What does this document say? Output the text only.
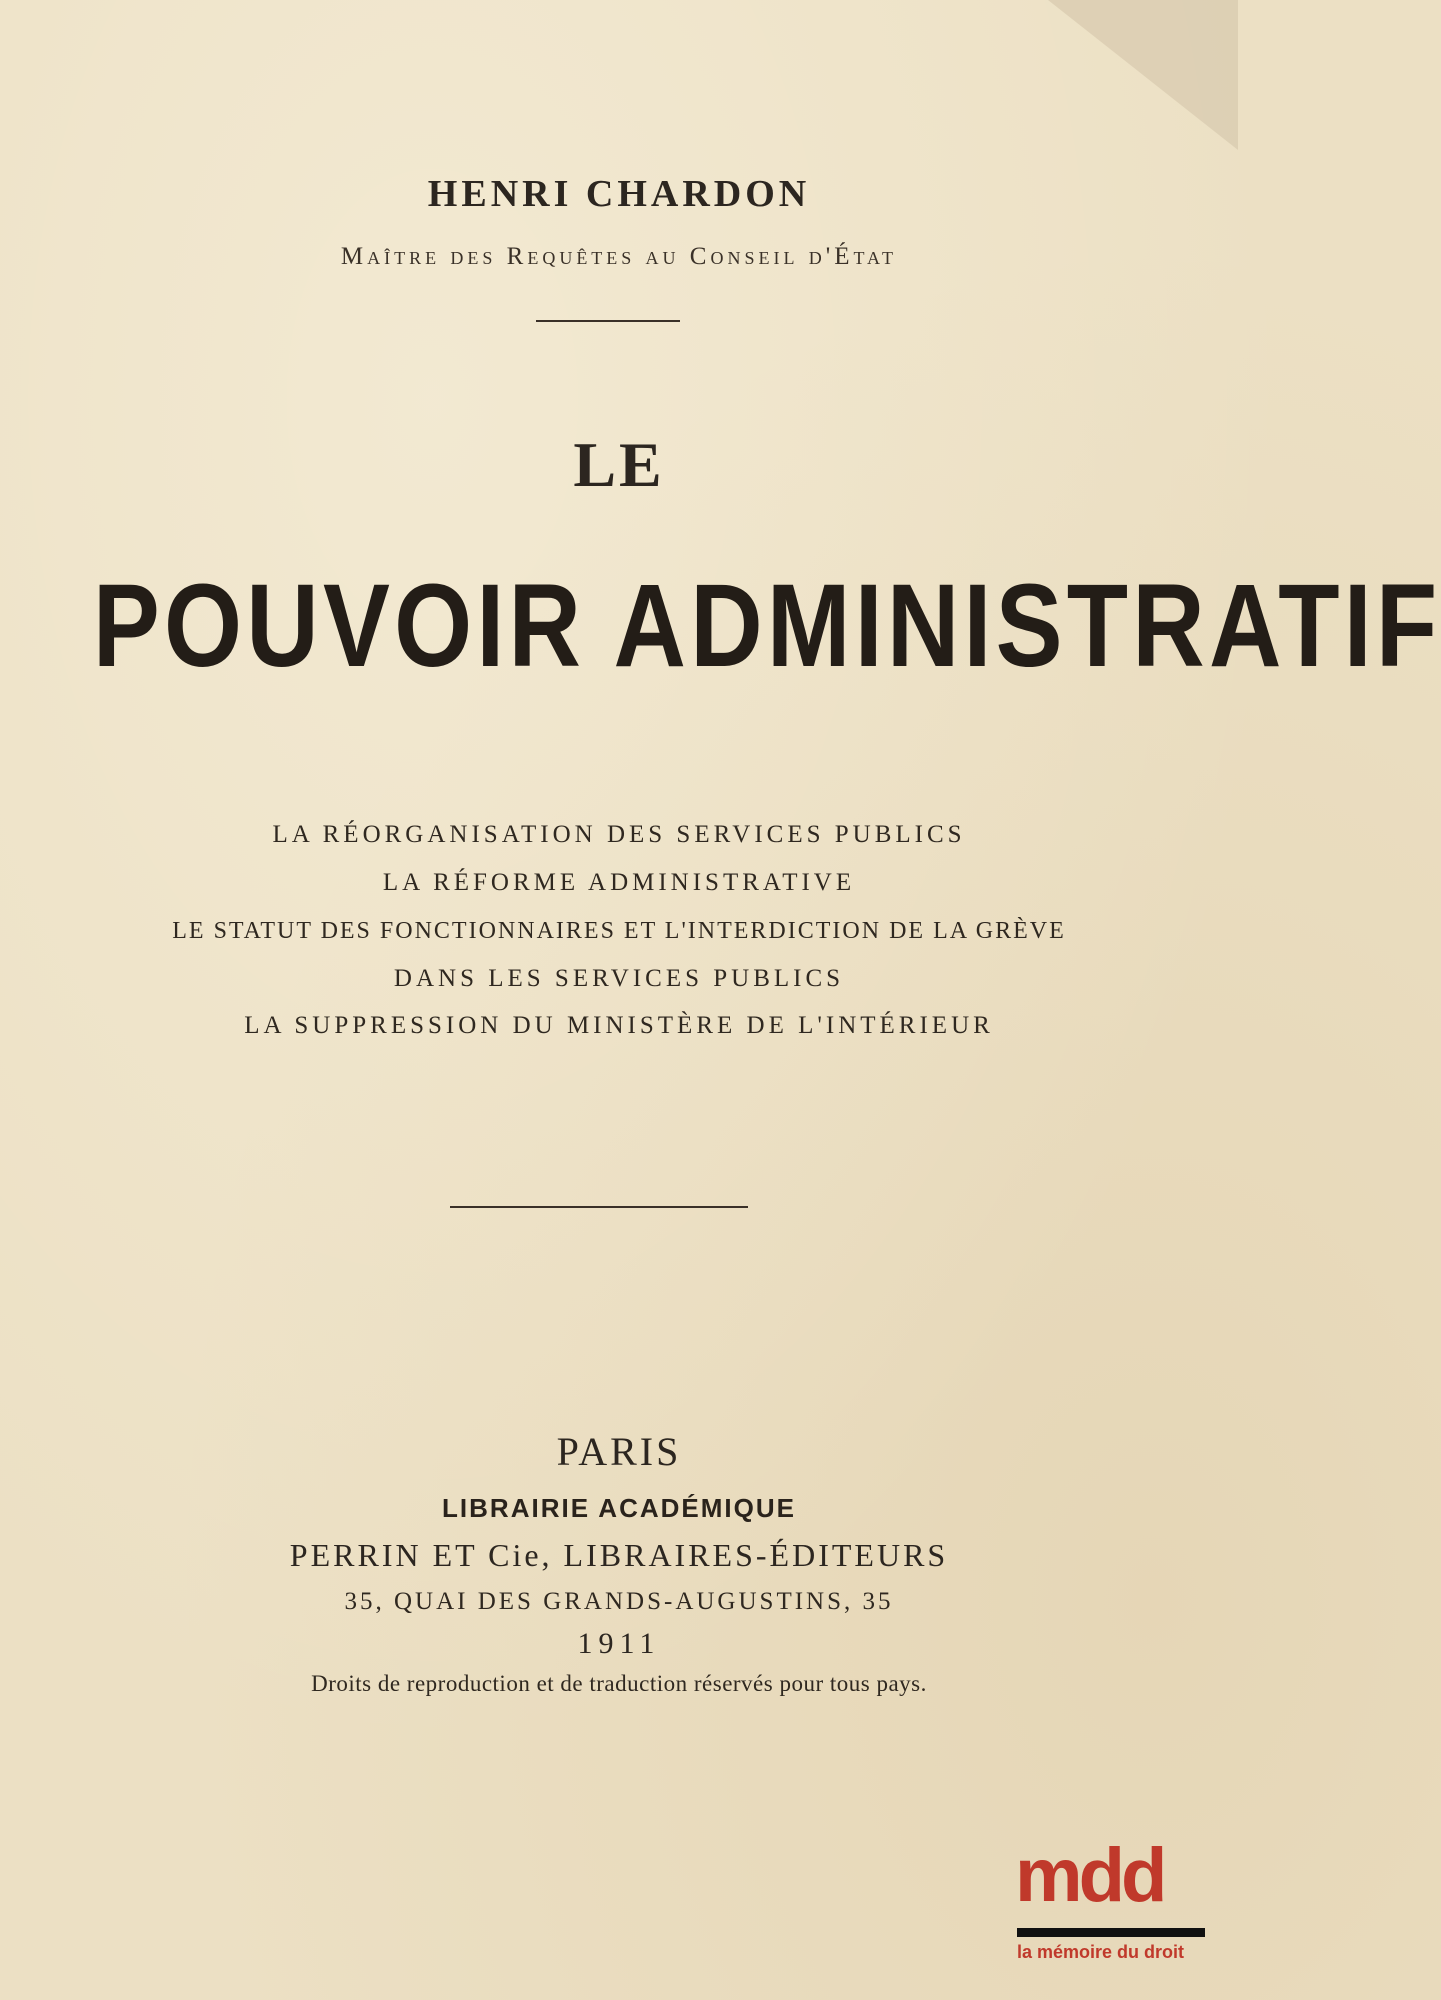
HENRI CHARDON
Maître des Requêtes au Conseil d'État
LE
POUVOIR ADMINISTRATIF
LA RÉORGANISATION DES SERVICES PUBLICS
LA RÉFORME ADMINISTRATIVE
LE STATUT DES FONCTIONNAIRES ET L'INTERDICTION DE LA GRÈVE
DANS LES SERVICES PUBLICS
LA SUPPRESSION DU MINISTÈRE DE L'INTÉRIEUR
PARIS
LIBRAIRIE ACADÉMIQUE
PERRIN ET Cie, LIBRAIRES-ÉDITEURS
35, QUAI DES GRANDS-AUGUSTINS, 35
1911
Droits de reproduction et de traduction réservés pour tous pays.
mdd
la mémoire du droit
